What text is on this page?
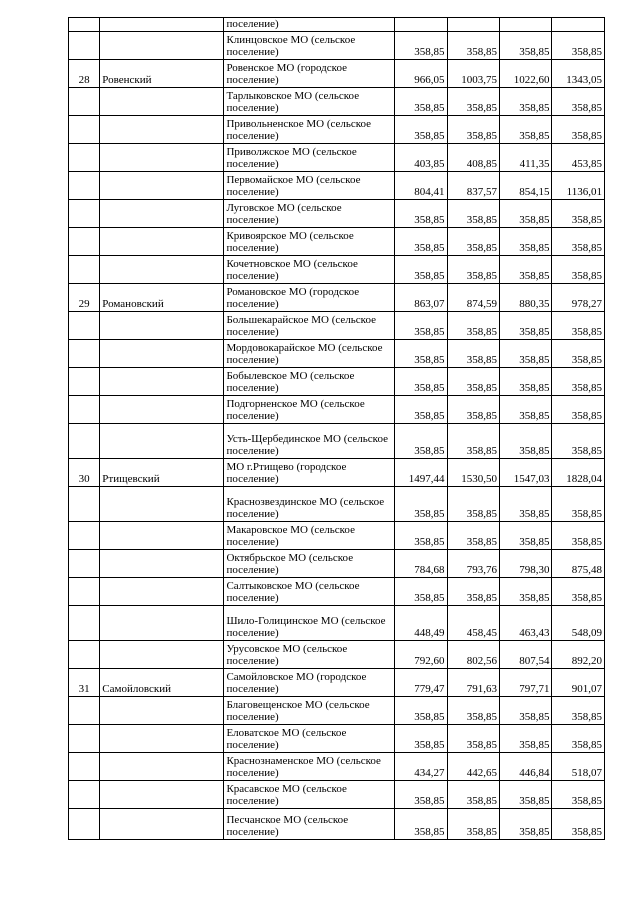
		поселение)				
		Клинцовское МО (сельское поселение)	358,85	358,85	358,85	358,85
28	Ровенский	Ровенское МО (городское поселение)	966,05	1003,75	1022,60	1343,05
		Тарлыковское МО (сельское поселение)	358,85	358,85	358,85	358,85
		Привольненское МО (сельское поселение)	358,85	358,85	358,85	358,85
		Приволжское МО (сельское поселение)	403,85	408,85	411,35	453,85
		Первомайское МО (сельское поселение)	804,41	837,57	854,15	1136,01
		Луговское МО (сельское поселение)	358,85	358,85	358,85	358,85
		Кривоярское МО (сельское поселение)	358,85	358,85	358,85	358,85
		Кочетновское МО (сельское поселение)	358,85	358,85	358,85	358,85
29	Романовский	Романовское МО (городское поселение)	863,07	874,59	880,35	978,27
		Большекарайское МО (сельское поселение)	358,85	358,85	358,85	358,85
		Мордовокарайское МО (сельское поселение)	358,85	358,85	358,85	358,85
		Бобылевское МО (сельское поселение)	358,85	358,85	358,85	358,85
		Подгорненское МО (сельское поселение)	358,85	358,85	358,85	358,85
		Усть-Щербединское МО (сельское поселение)	358,85	358,85	358,85	358,85
30	Ртищевский	МО г.Ртищево (городское поселение)	1497,44	1530,50	1547,03	1828,04
		Краснозвездинское МО (сельское поселение)	358,85	358,85	358,85	358,85
		Макаровское МО (сельское поселение)	358,85	358,85	358,85	358,85
		Октябрьское МО (сельское поселение)	784,68	793,76	798,30	875,48
		Салтыковское МО (сельское поселение)	358,85	358,85	358,85	358,85
		Шило-Голицинское МО (сельское поселение)	448,49	458,45	463,43	548,09
		Урусовское МО (сельское поселение)	792,60	802,56	807,54	892,20
31	Самойловский	Самойловское МО (городское поселение)	779,47	791,63	797,71	901,07
		Благовещенское МО (сельское поселение)	358,85	358,85	358,85	358,85
		Еловатское МО (сельское поселение)	358,85	358,85	358,85	358,85
		Краснознаменское МО (сельское поселение)	434,27	442,65	446,84	518,07
		Красавское МО (сельское поселение)	358,85	358,85	358,85	358,85
		Песчанское МО (сельское поселение)	358,85	358,85	358,85	358,85
